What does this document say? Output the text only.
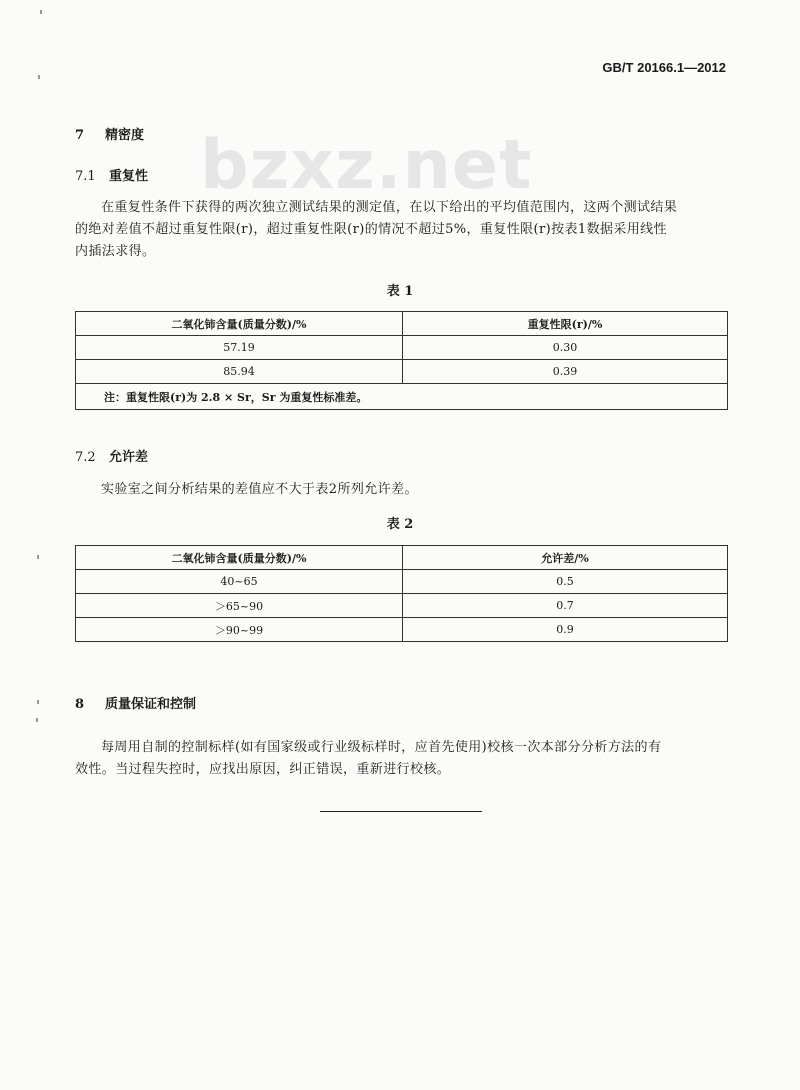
GB/T 20166.1—2012
bzxz.net
7 精密度
7.1 重复性
在重复性条件下获得的两次独立测试结果的测定值，在以下给出的平均值范围内，这两个测试结果
的绝对差值不超过重复性限(r)，超过重复性限(r)的情况不超过5%，重复性限(r)按表1数据采用线性
内插法求得。
表 1
二氧化铈含量(质量分数)/%	重复性限(r)/%
57.19	0.30
85.94	0.39
注：重复性限(r)为 2.8 × Sr，Sr 为重复性标准差。	
7.2 允许差
实验室之间分析结果的差值应不大于表2所列允许差。
表 2
二氧化铈含量(质量分数)/%	允许差/%
40~65	0.5
＞65~90	0.7
＞90~99	0.9
8 质量保证和控制
每周用自制的控制标样(如有国家级或行业级标样时，应首先使用)校核一次本部分分析方法的有
效性。当过程失控时，应找出原因，纠正错误，重新进行校核。
